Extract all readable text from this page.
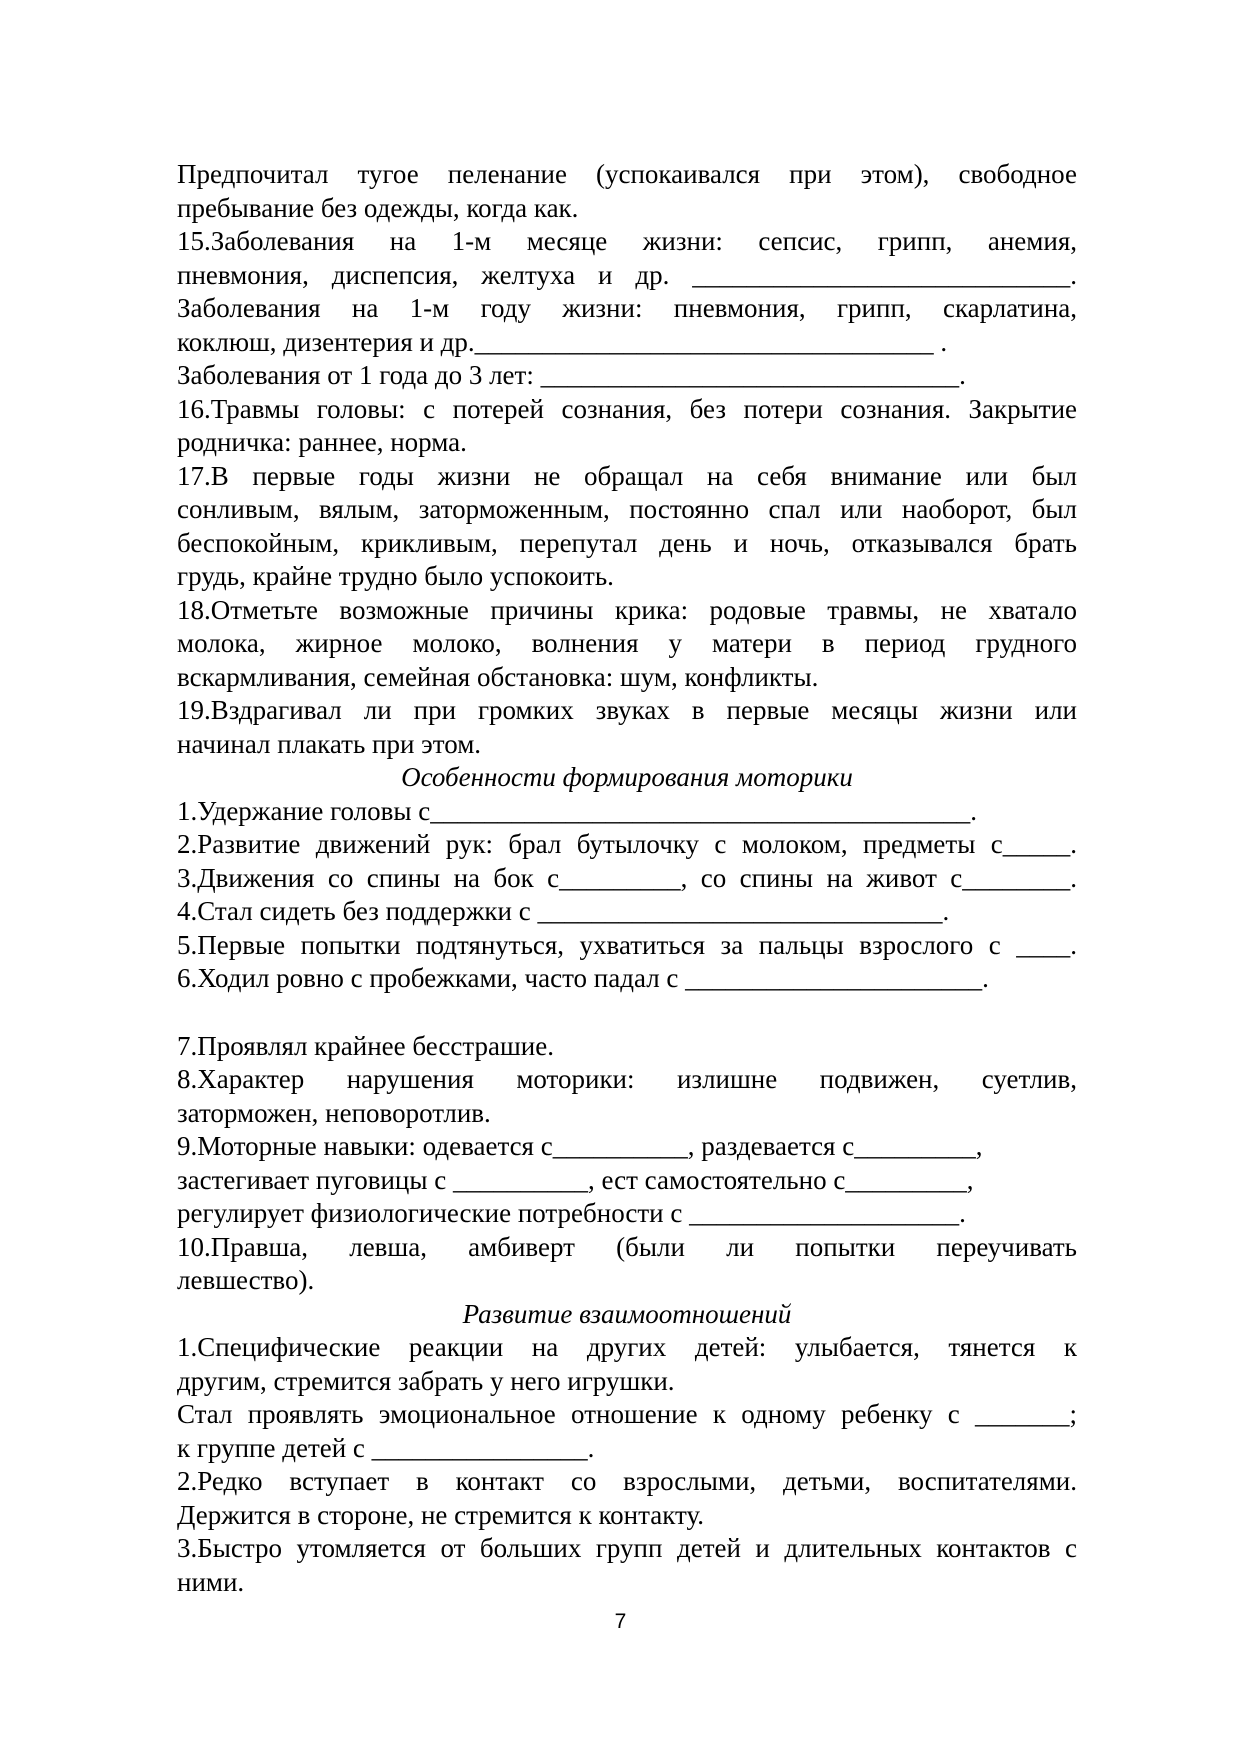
Предпочитал тугое пеленание (успокаивался при этом), свободное
пребывание без одежды, когда как.
15.Заболевания на 1-м месяце жизни: сепсис, грипп, анемия,
пневмония, диспепсия, желтуха и др. ____________________________.
Заболевания на 1-м году жизни: пневмония, грипп, скарлатина,
коклюш, дизентерия и др.__________________________________ .
Заболевания от 1 года до 3 лет: _______________________________.
16.Травмы головы: с потерей сознания, без потери сознания. Закрытие
родничка: раннее, норма.
17.В первые годы жизни не обращал на себя внимание или был
сонливым, вялым, заторможенным, постоянно спал или наоборот, был
беспокойным, крикливым, перепутал день и ночь, отказывался брать
грудь, крайне трудно было успокоить.
18.Отметьте возможные причины крика: родовые травмы, не хватало
молока, жирное молоко, волнения у матери в период грудного
вскармливания, семейная обстановка: шум, конфликты.
19.Вздрагивал ли при громких звуках в первые месяцы жизни или
начинал плакать при этом.
Особенности формирования моторики
1.Удержание головы с________________________________________.
2.Развитие движений рук: брал бутылочку с молоком, предметы с_____.
3.Движения со спины на бок с_________, со спины на живот с________.
4.Стал сидеть без поддержки с ______________________________.
5.Первые попытки подтянуться, ухватиться за пальцы взрослого с ____.
6.Ходил ровно с пробежками, часто падал с ______________________.
7.Проявлял крайнее бесстрашие.
8.Характер нарушения моторики: излишне подвижен, суетлив,
заторможен, неповоротлив.
9.Моторные навыки: одевается с__________, раздевается с_________,
застегивает пуговицы с __________, ест самостоятельно с_________,
регулирует физиологические потребности с ____________________.
10.Правша, левша, амбиверт (были ли попытки переучивать
левшество).
Развитие взаимоотношений
1.Специфические реакции на других детей: улыбается, тянется к
другим, стремится забрать у него игрушки.
Стал проявлять эмоциональное отношение к одному ребенку с _______;
к группе детей с ________________.
2.Редко вступает в контакт со взрослыми, детьми, воспитателями.
Держится в стороне, не стремится к контакту.
3.Быстро утомляется от больших групп детей и длительных контактов с
ними.
7
